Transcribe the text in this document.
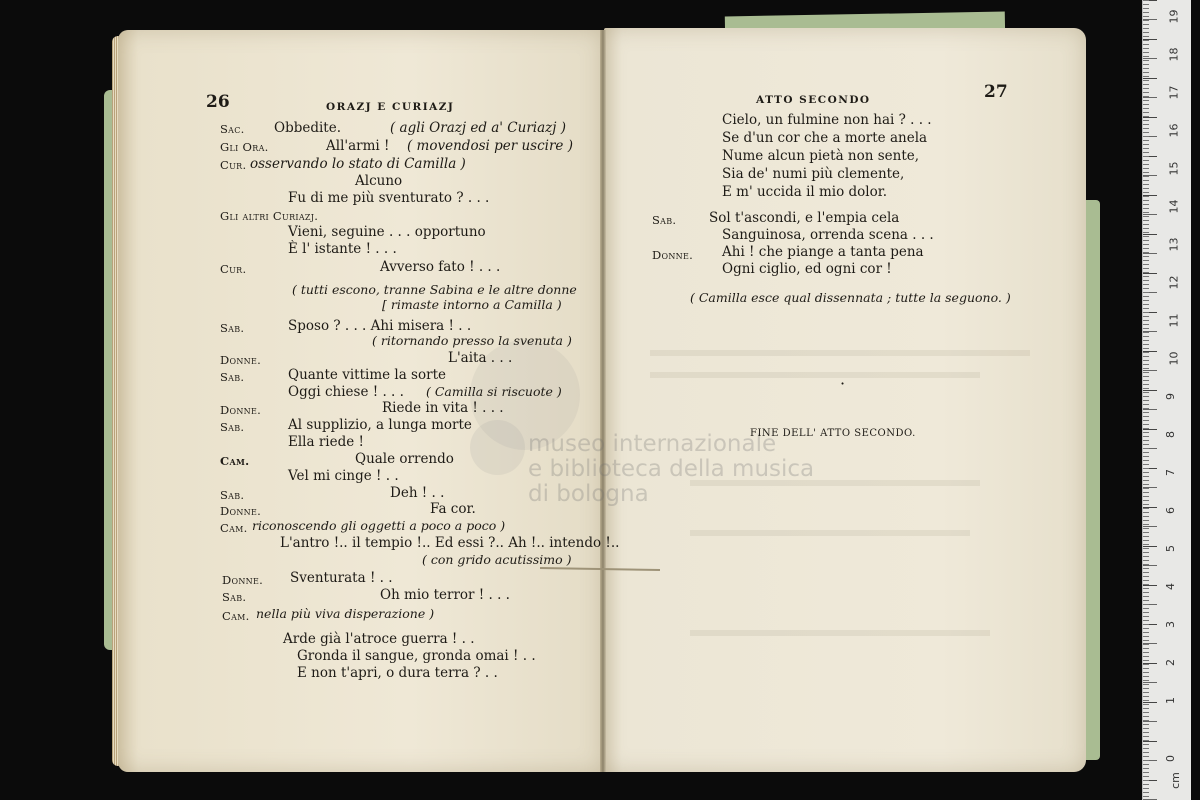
museo internazionale
e biblioteca della musica
di bologna
26	ORAZJ E CURIAZJ
Sac. Obbedite.	( agli Orazj ed a' Curiazj )
Gli Ora.	All'armi ! ( movendosi per uscire )
Cur. osservando lo stato di Camilla )
Alcuno
Fu di me più sventurato ? . . .
Gli altri Curiazj.
Vieni, seguine . . . opportuno
È l' istante ! . . .
Cur.	Avverso fato ! . . .
( tutti escono, tranne Sabina e le altre donne
[ rimaste intorno a Camilla )
Sab.	Sposo ? . . . Ahi misera ! . .
( ritornando presso la svenuta )
Donne.	L'aita . . .
Sab.	Quante vittime la sorte
Oggi chiese ! . . . ( Camilla si riscuote )
Donne.	Riede in vita ! . . .
Sab.	Al supplizio, a lunga morte
Ella riede !
Cam.	Quale orrendo
Vel mi cinge ! . .
Sab.	Deh ! . .
Donne.	Fa cor.
Cam. riconoscendo gli oggetti a poco a poco )
L'antro !.. il tempio !.. Ed essi ?.. Ah !.. intendo !..
( con grido acutissimo )
Donne. Sventurata ! . .
Sab.	Oh mio terror ! . . .
Cam. nella più viva disperazione )
Arde già l'atroce guerra ! . .
Gronda il sangue, gronda omai ! . .
E non t'apri, o dura terra ? . .
ATTO SECONDO	27
Cielo, un fulmine non hai ? . . .
Se d'un cor che a morte anela
Nume alcun pietà non sente,
Sia de' numi più clemente,
E m' uccida il mio dolor.
Sab. Sol t'ascondi, e l'empia cela
Sanguinosa, orrenda scena . . .
Donne. Ahi ! che piange a tanta pena
Ogni ciglio, ed ogni cor !
( Camilla esce qual dissennata ; tutte la seguono. )
·
FINE DELL' ATTO SECONDO.
19
18
17
16
15
14
13
12
11
10
9
8
7
6
5
4
3
2
1
0
cm
